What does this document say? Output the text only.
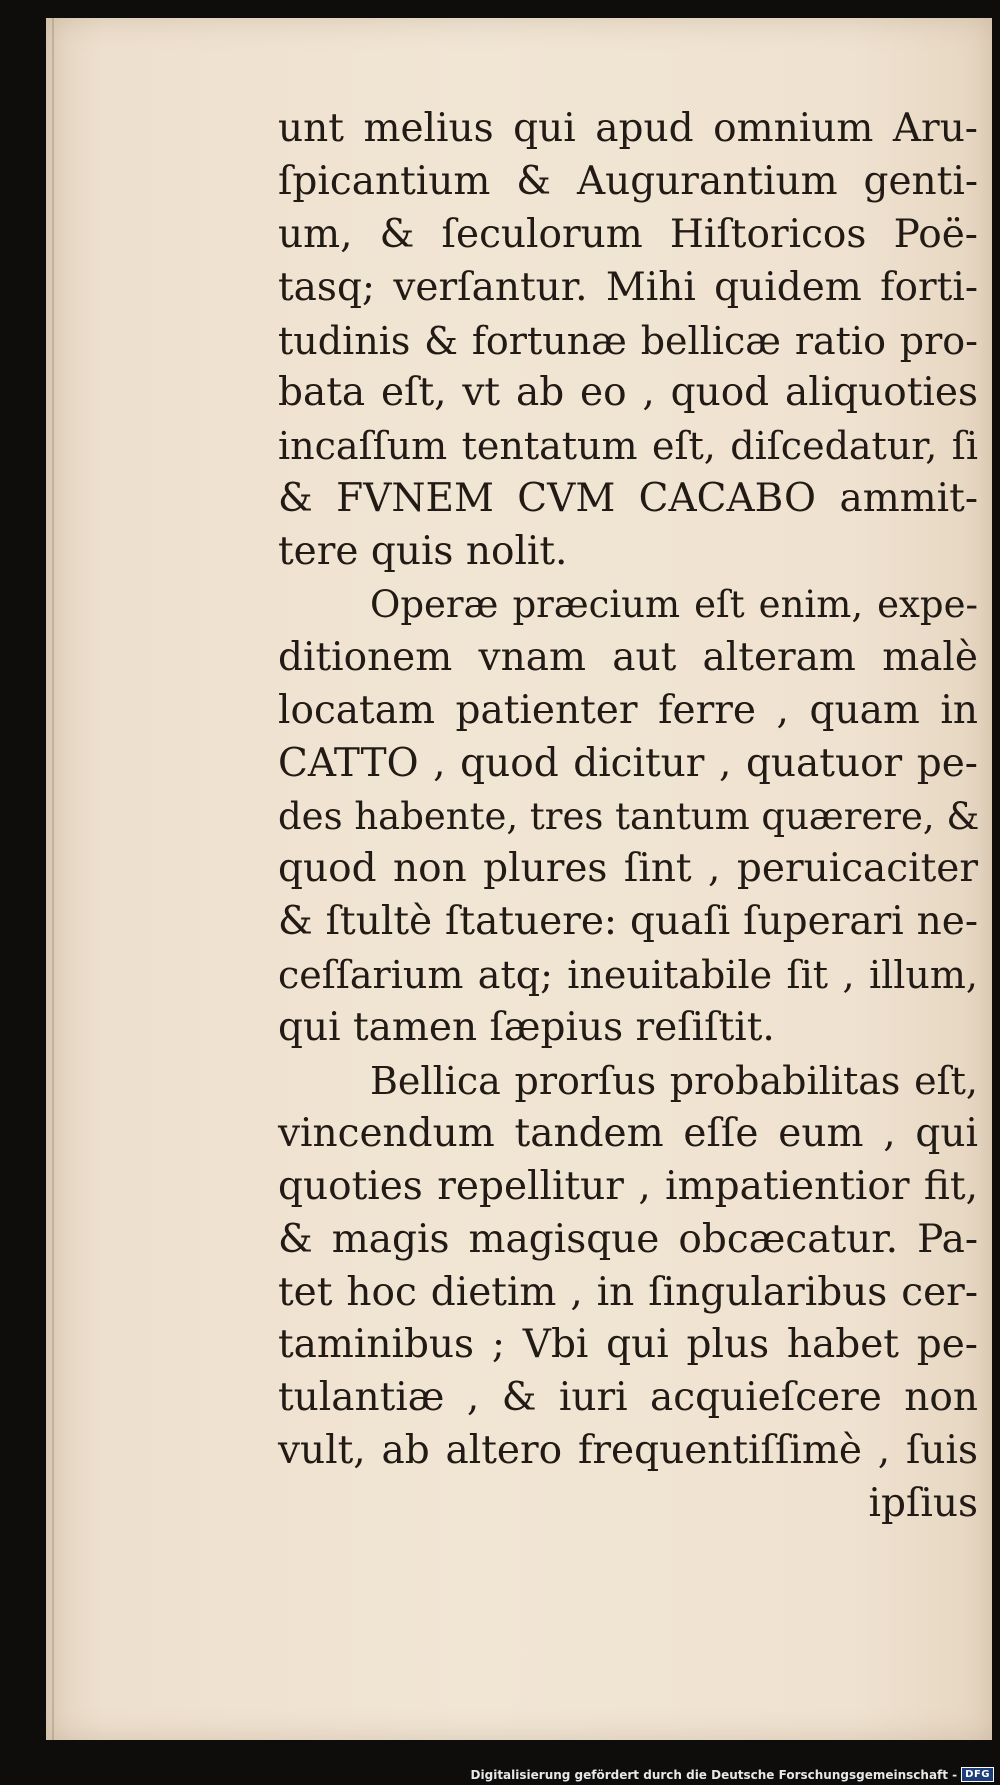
unt melius qui apud omnium Aru-
ſpicantium & Augurantium genti-
um, & ſeculorum Hiſtoricos Poë-
tasq; verſantur. Mihi quidem forti-
tudinis & fortunæ bellicæ ratio pro-
bata eſt, vt ab eo , quod aliquoties
incaſſum tentatum eſt, diſcedatur, ſi
& FVNEM CVM CACABO ammit-
tere quis nolit.
Operæ præcium eſt enim, expe-
ditionem vnam aut alteram malè
locatam patienter ferre , quam in
CATTO , quod dicitur , quatuor pe-
des habente, tres tantum quærere, &
quod non plures ſint , peruicaciter
& ſtultè ſtatuere: quaſi ſuperari ne-
ceſſarium atq; ineuitabile ſit , illum,
qui tamen ſæpius reſiſtit.
Bellica prorſus probabilitas eſt,
vincendum tandem eſſe eum , qui
quoties repellitur , impatientior fit,
& magis magisque obcæcatur. Pa-
tet hoc dietim , in ſingularibus cer-
taminibus ; Vbi qui plus habet pe-
tulantiæ , & iuri acquieſcere non
vult, ab altero frequentiſſimè , ſuis
ipſius
Digitalisierung gefördert durch die Deutsche Forschungsgemeinschaft - DFG
